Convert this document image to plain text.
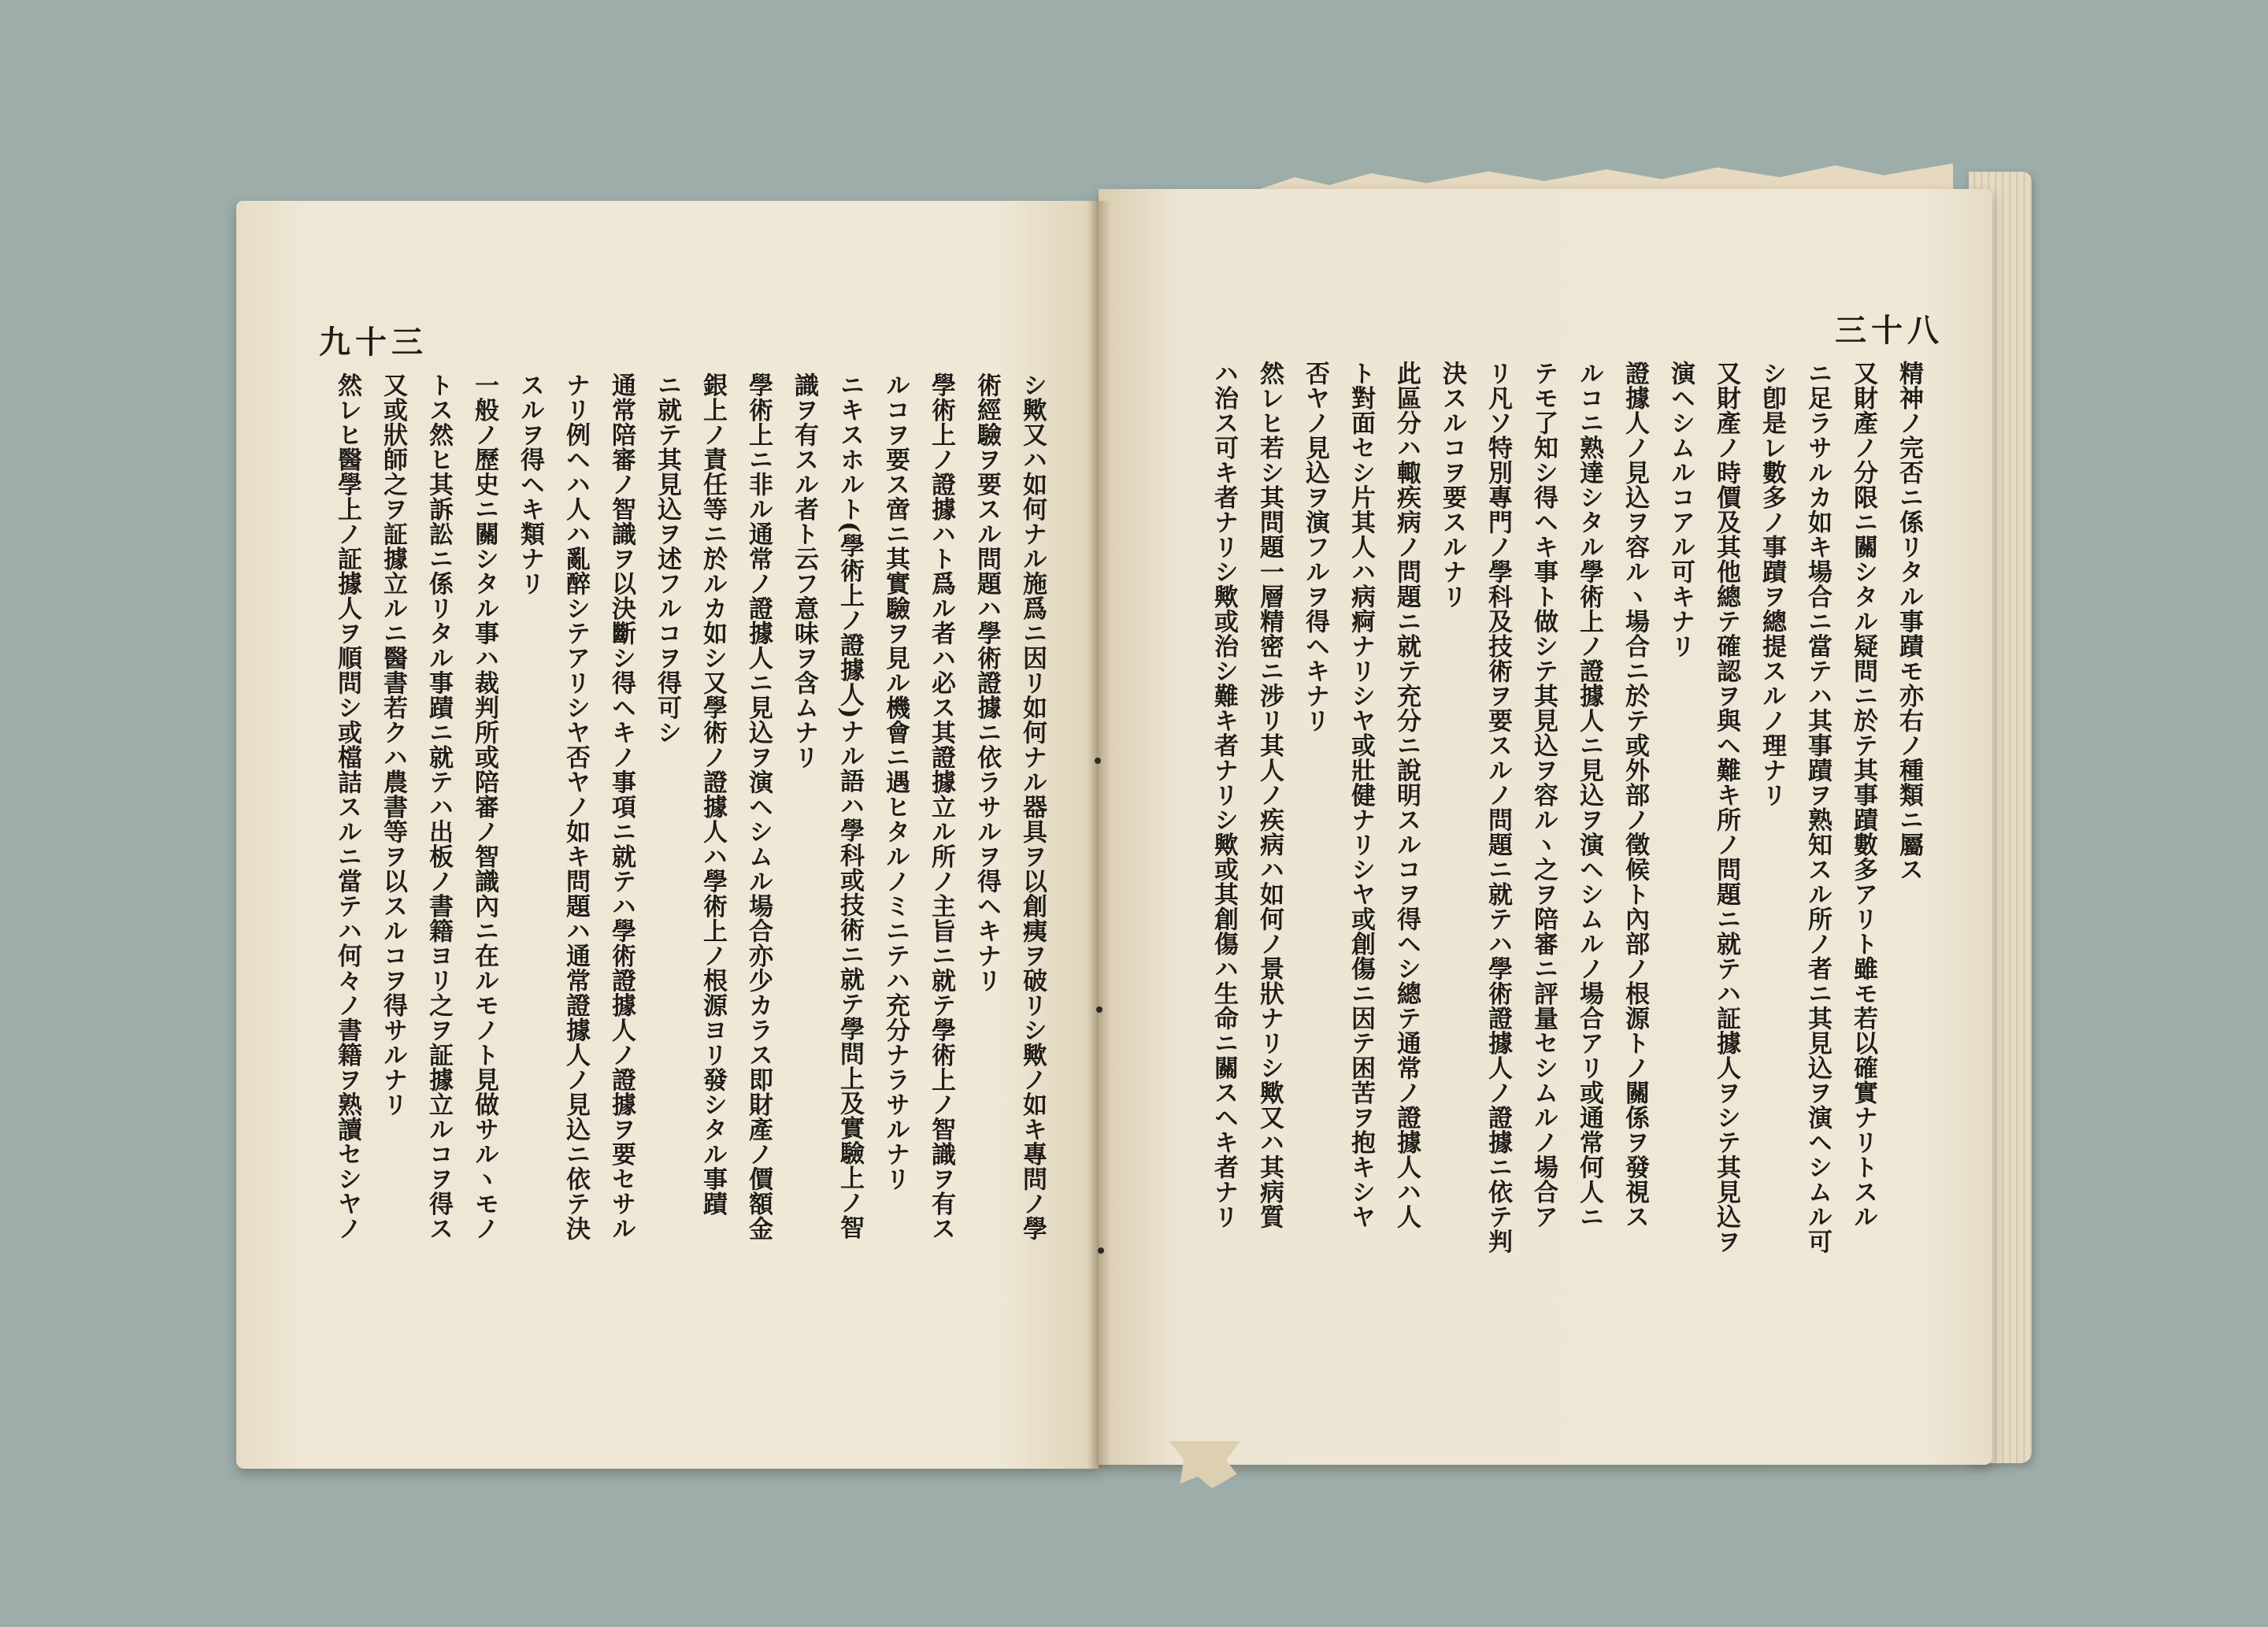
九十三
シ歟又ハ如何ナル施爲ニ因リ如何ナル器具ヲ以創痍ヲ破リシ歟ノ如キ專問ノ學
術經驗ヲ要スル問題ハ學術證據ニ依ラサルヲ得ヘキナリ
學術上ノ證據ハト爲ル者ハ必ス其證據立ル所ノ主旨ニ就テ學術上ノ智識ヲ有ス
ルコヲ要ス啻ニ其實驗ヲ見ル機會ニ遇ヒタルノミニテハ充分ナラサルナリ
ニキスホルト(學術上ノ證據人)ナル語ハ學科或技術ニ就テ學問上及實驗上ノ智
識ヲ有スル者ト云フ意味ヲ含ムナリ
學術上ニ非ル通常ノ證據人ニ見込ヲ演ヘシムル場合亦少カラス即財產ノ價額金
銀上ノ責任等ニ於ルカ如シ又學術ノ證據人ハ學術上ノ根源ヨリ發シタル事蹟
ニ就テ其見込ヲ述フルコヲ得可シ
通常陪審ノ智識ヲ以決斷シ得ヘキノ事項ニ就テハ學術證據人ノ證據ヲ要セサル
ナリ例ヘハ人ハ亂醉シテアリシヤ否ヤノ如キ問題ハ通常證據人ノ見込ニ依テ決
スルヲ得ヘキ類ナリ
一般ノ歷史ニ關シタル事ハ裁判所或陪審ノ智識內ニ在ルモノト見做サルヽモノ
トス然ヒ其訴訟ニ係リタル事蹟ニ就テハ出板ノ書籍ヨリ之ヲ証據立ルコヲ得ス
又或狀師之ヲ証據立ルニ醫書若クハ農書等ヲ以スルコヲ得サルナリ
然レヒ醫學上ノ証據人ヲ順問シ或檔詰スルニ當テハ何々ノ書籍ヲ熟讀セシヤノ
三十八
精神ノ完否ニ係リタル事蹟モ亦右ノ種類ニ屬ス
又財產ノ分限ニ關シタル疑問ニ於テ其事蹟數多アリト雖モ若以確實ナリトスル
ニ足ラサルカ如キ場合ニ當テハ其事蹟ヲ熟知スル所ノ者ニ其見込ヲ演ヘシムル可
シ卽是レ數多ノ事蹟ヲ總提スルノ理ナリ
又財產ノ時價及其他總テ確認ヲ與ヘ難キ所ノ問題ニ就テハ証據人ヲシテ其見込ヲ
演ヘシムルコアル可キナリ
證據人ノ見込ヲ容ルヽ場合ニ於テ或外部ノ徵候ト內部ノ根源トノ關係ヲ發視ス
ルコニ熟達シタル學術上ノ證據人ニ見込ヲ演ヘシムルノ場合アリ或通常何人ニ
テモ了知シ得ヘキ事ト做シテ其見込ヲ容ルヽ之ヲ陪審ニ評量セシムルノ場合ア
リ凡ソ特別專門ノ學科及技術ヲ要スルノ問題ニ就テハ學術證據人ノ證據ニ依テ判
決スルコヲ要スルナリ
此區分ハ輙疾病ノ問題ニ就テ充分ニ說明スルコヲ得ヘシ總テ通常ノ證據人ハ人
ト對面セシ片其人ハ病痾ナリシヤ或壯健ナリシヤ或創傷ニ因テ困苦ヲ抱キシヤ
否ヤノ見込ヲ演フルヲ得ヘキナリ
然レヒ若シ其問題一層精密ニ涉リ其人ノ疾病ハ如何ノ景狀ナリシ歟又ハ其病質
ハ治ス可キ者ナリシ歟或治シ難キ者ナリシ歟或其創傷ハ生命ニ關スヘキ者ナリ
